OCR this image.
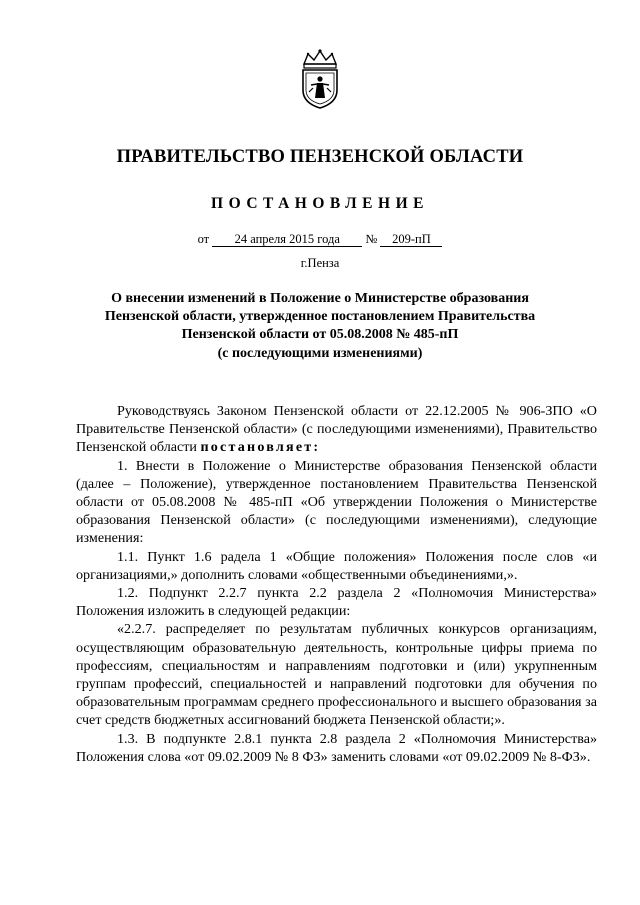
ПРАВИТЕЛЬСТВО ПЕНЗЕНСКОЙ ОБЛАСТИ
ПОСТАНОВЛЕНИЕ
от 24 апреля 2015 года № 209-пП
г.Пенза
О внесении изменений в Положение о Министерстве образования
Пензенской области, утвержденное постановлением Правительства
Пензенской области от 05.08.2008 № 485-пП
(с последующими изменениями)

Руководствуясь Законом Пензенской области от 22.12.2005 № 906-ЗПО «О Правительстве Пензенской области» (с последующими изменениями), Правительство Пензенской области постановляет:

1. Внести в Положение о Министерстве образования Пензенской области (далее – Положение), утвержденное постановлением Правительства Пензенской области от 05.08.2008 № 485-пП «Об утверждении Положения о Министерстве образования Пензенской области» (с последующими изменениями), следующие изменения:

1.1. Пункт 1.6 радела 1 «Общие положения» Положения после слов «и организациями,» дополнить словами «общественными объединениями,».

1.2. Подпункт 2.2.7 пункта 2.2 раздела 2 «Полномочия Министерства» Положения изложить в следующей редакции:

«2.2.7. распределяет по результатам публичных конкурсов организациям, осуществляющим образовательную деятельность, контрольные цифры приема по профессиям, специальностям и направлениям подготовки и (или) укрупненным группам профессий, специальностей и направлений подготовки для обучения по образовательным программам среднего профессионального и высшего образования за счет средств бюджетных ассигнований бюджета Пензенской области;».

1.3. В подпункте 2.8.1 пункта 2.8 раздела 2 «Полномочия Министерства» Положения слова «от 09.02.2009 № 8 ФЗ» заменить словами «от 09.02.2009 № 8-ФЗ».
